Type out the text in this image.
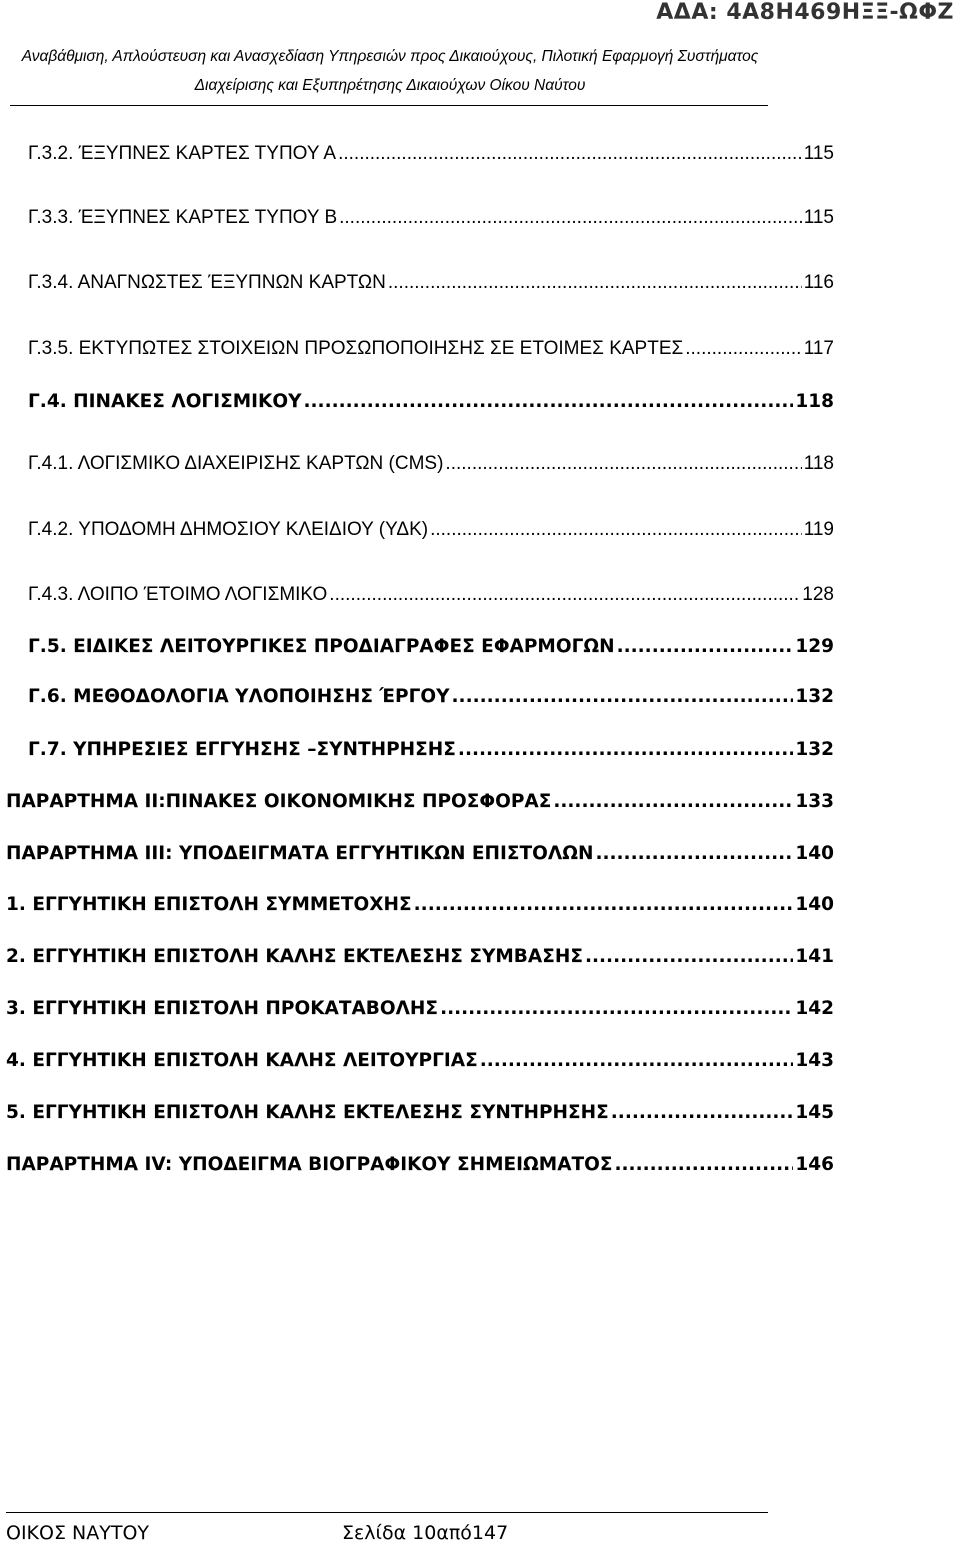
ΑΔΑ: 4Α8Η469ΗΞΞ-ΩΦΖ
Αναβάθμιση, Απλούστευση και Ανασχεδίαση Υπηρεσιών προς Δικαιούχους, Πιλοτική Εφαρμογή Συστήματος
Διαχείρισης και Εξυπηρέτησης Δικαιούχων Οίκου Ναύτου
Γ.3.2. ΈΞΥΠΝΕΣ ΚΑΡΤΕΣ ΤΥΠΟΥ Α .....	115
Γ.3.3. ΈΞΥΠΝΕΣ ΚΑΡΤΕΣ ΤΥΠΟΥ Β .....	115
Γ.3.4. ΑΝΑΓΝΩΣΤΕΣ ΈΞΥΠΝΩΝ ΚΑΡΤΩΝ .....	116
Γ.3.5. ΕΚΤΥΠΩΤΕΣ ΣΤΟΙΧΕΙΩΝ ΠΡΟΣΩΠΟΠΟΙΗΣΗΣ ΣΕ ΕΤΟΙΜΕΣ ΚΑΡΤΕΣ .....	117
Γ.4. ΠΙΝΑΚΕΣ ΛΟΓΙΣΜΙΚΟΥ .....	118
Γ.4.1. ΛΟΓΙΣΜΙΚΟ ΔΙΑΧΕΙΡΙΣΗΣ ΚΑΡΤΩΝ (CMS) .....	118
Γ.4.2. ΥΠΟΔΟΜΗ ΔΗΜΟΣΙΟΥ ΚΛΕΙΔΙΟΥ (ΥΔΚ) .....	119
Γ.4.3. ΛΟΙΠΟ ΈΤΟΙΜΟ ΛΟΓΙΣΜΙΚΟ .....	128
Γ.5. ΕΙΔΙΚΕΣ ΛΕΙΤΟΥΡΓΙΚΕΣ ΠΡΟΔΙΑΓΡΑΦΕΣ ΕΦΑΡΜΟΓΩΝ .....	129
Γ.6. ΜΕΘΟΔΟΛΟΓΙΑ ΥΛΟΠΟΙΗΣΗΣ ΈΡΓΟΥ .....	132
Γ.7. ΥΠΗΡΕΣΙΕΣ ΕΓΓΥΗΣΗΣ –ΣΥΝΤΗΡΗΣΗΣ .....	132
ΠΑΡΑΡΤΗΜΑ ΙΙ:ΠΙΝΑΚΕΣ ΟΙΚΟΝΟΜΙΚΗΣ ΠΡΟΣΦΟΡΑΣ .....	133
ΠΑΡΑΡΤΗΜΑ ΙΙΙ: ΥΠΟΔΕΙΓΜΑΤΑ ΕΓΓΥΗΤΙΚΩΝ ΕΠΙΣΤΟΛΩΝ .....	140
1. ΕΓΓΥΗΤΙΚΗ ΕΠΙΣΤΟΛΗ ΣΥΜΜΕΤΟΧΗΣ .....	140
2. ΕΓΓΥΗΤΙΚΗ ΕΠΙΣΤΟΛΗ ΚΑΛΗΣ ΕΚΤΕΛΕΣΗΣ ΣΥΜΒΑΣΗΣ .....	141
3. ΕΓΓΥΗΤΙΚΗ ΕΠΙΣΤΟΛΗ ΠΡΟΚΑΤΑΒΟΛΗΣ .....	142
4. ΕΓΓΥΗΤΙΚΗ ΕΠΙΣΤΟΛΗ ΚΑΛΗΣ ΛΕΙΤΟΥΡΓΙΑΣ .....	143
5. ΕΓΓΥΗΤΙΚΗ ΕΠΙΣΤΟΛΗ ΚΑΛΗΣ ΕΚΤΕΛΕΣΗΣ ΣΥΝΤΗΡΗΣΗΣ .....	145
ΠΑΡΑΡΤΗΜΑ IV: ΥΠΟΔΕΙΓΜΑ ΒΙΟΓΡΑΦΙΚΟΥ ΣΗΜΕΙΩΜΑΤΟΣ .....	146
ΟΙΚΟΣ ΝΑΥΤΟΥ	Σελίδα 10από147
